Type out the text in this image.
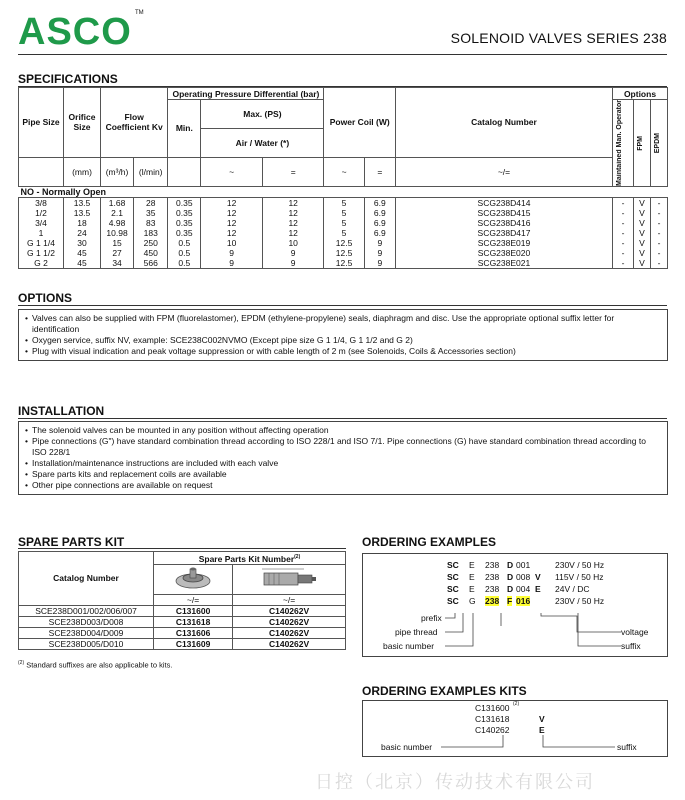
ASCO TM
SOLENOID VALVES SERIES 238
SPECIFICATIONS
Pipe Size	Orifice Size	Flow Coefficient Kv		Operating Pressure Differential (bar)			Power Coil (W)		Catalog Number	Options		
				Min.	Max. (PS)					Maintained Man. Operator	FPM	EPDM

					Air / Water (*)							
	(mm)	(m³/h)	(l/min)		~	=	~	=	~/=			
NO - Normally Open												
3/8	13.5	1.68	28	0.35	12	12	5	6.9	SCG238D414	-	V	-
1/2	13.5	2.1	35	0.35	12	12	5	6.9	SCG238D415	-	V	-
3/4	18	4.98	83	0.35	12	12	5	6.9	SCG238D416	-	V	-
1	24	10.98	183	0.35	12	12	5	6.9	SCG238D417	-	V	-
G 1 1/4	30	15	250	0.5	10	10	12.5	9	SCG238E019	-	V	-
G 1 1/2	45	27	450	0.5	9	9	12.5	9	SCG238E020	-	V	-
G 2	45	34	566	0.5	9	9	12.5	9	SCG238E021	-	V	-
OPTIONS
• Valves can also be supplied with FPM (fluorelastomer), EPDM (ethylene-propylene) seals, diaphragm and disc. Use the appropriate optional suffix letter for identification
• Oxygen service, suffix NV, example: SCE238C002NVMO (Except pipe size G 1 1/4, G 1 1/2 and G 2)
• Plug with visual indication and peak voltage suppression or with cable length of 2 m (see Solenoids, Coils & Accessories section)
INSTALLATION
• The solenoid valves can be mounted in any position without affecting operation
• Pipe connections (G") have standard combination thread according to ISO 228/1 and ISO 7/1. Pipe connections (G) have standard combination thread according to ISO 228/1
• Installation/maintenance instructions are included with each valve
• Spare parts kits and replacement coils are available
• Other pipe connections are available on request
SPARE PARTS KIT
Catalog Number	Spare Parts Kit Number$^{(2)}$

	~/=	~/=
SCE238D001/002/006/007	C131600	C140262V
SCE238D003/D008	C131618	C140262V
SCE238D004/D009	C131606	C140262V
SCE238D005/D010	C131609	C140262V
$^{(2)}$ Standard suffixes are also applicable to kits.
ORDERING EXAMPLES
SC E 238 D 001	230V / 50 Hz
SC E 238 D 008 V 115V / 50 Hz
SC E 238 D 004 E 24V / DC
SC G 238 F 016	230V / 50 Hz
prefix
pipe thread
basic number
voltage
suffix
ORDERING EXAMPLES KITS
C131600 (2)
C131618	V
C140262	E
basic number	suffix
日控（北京）传动技术有限公司
